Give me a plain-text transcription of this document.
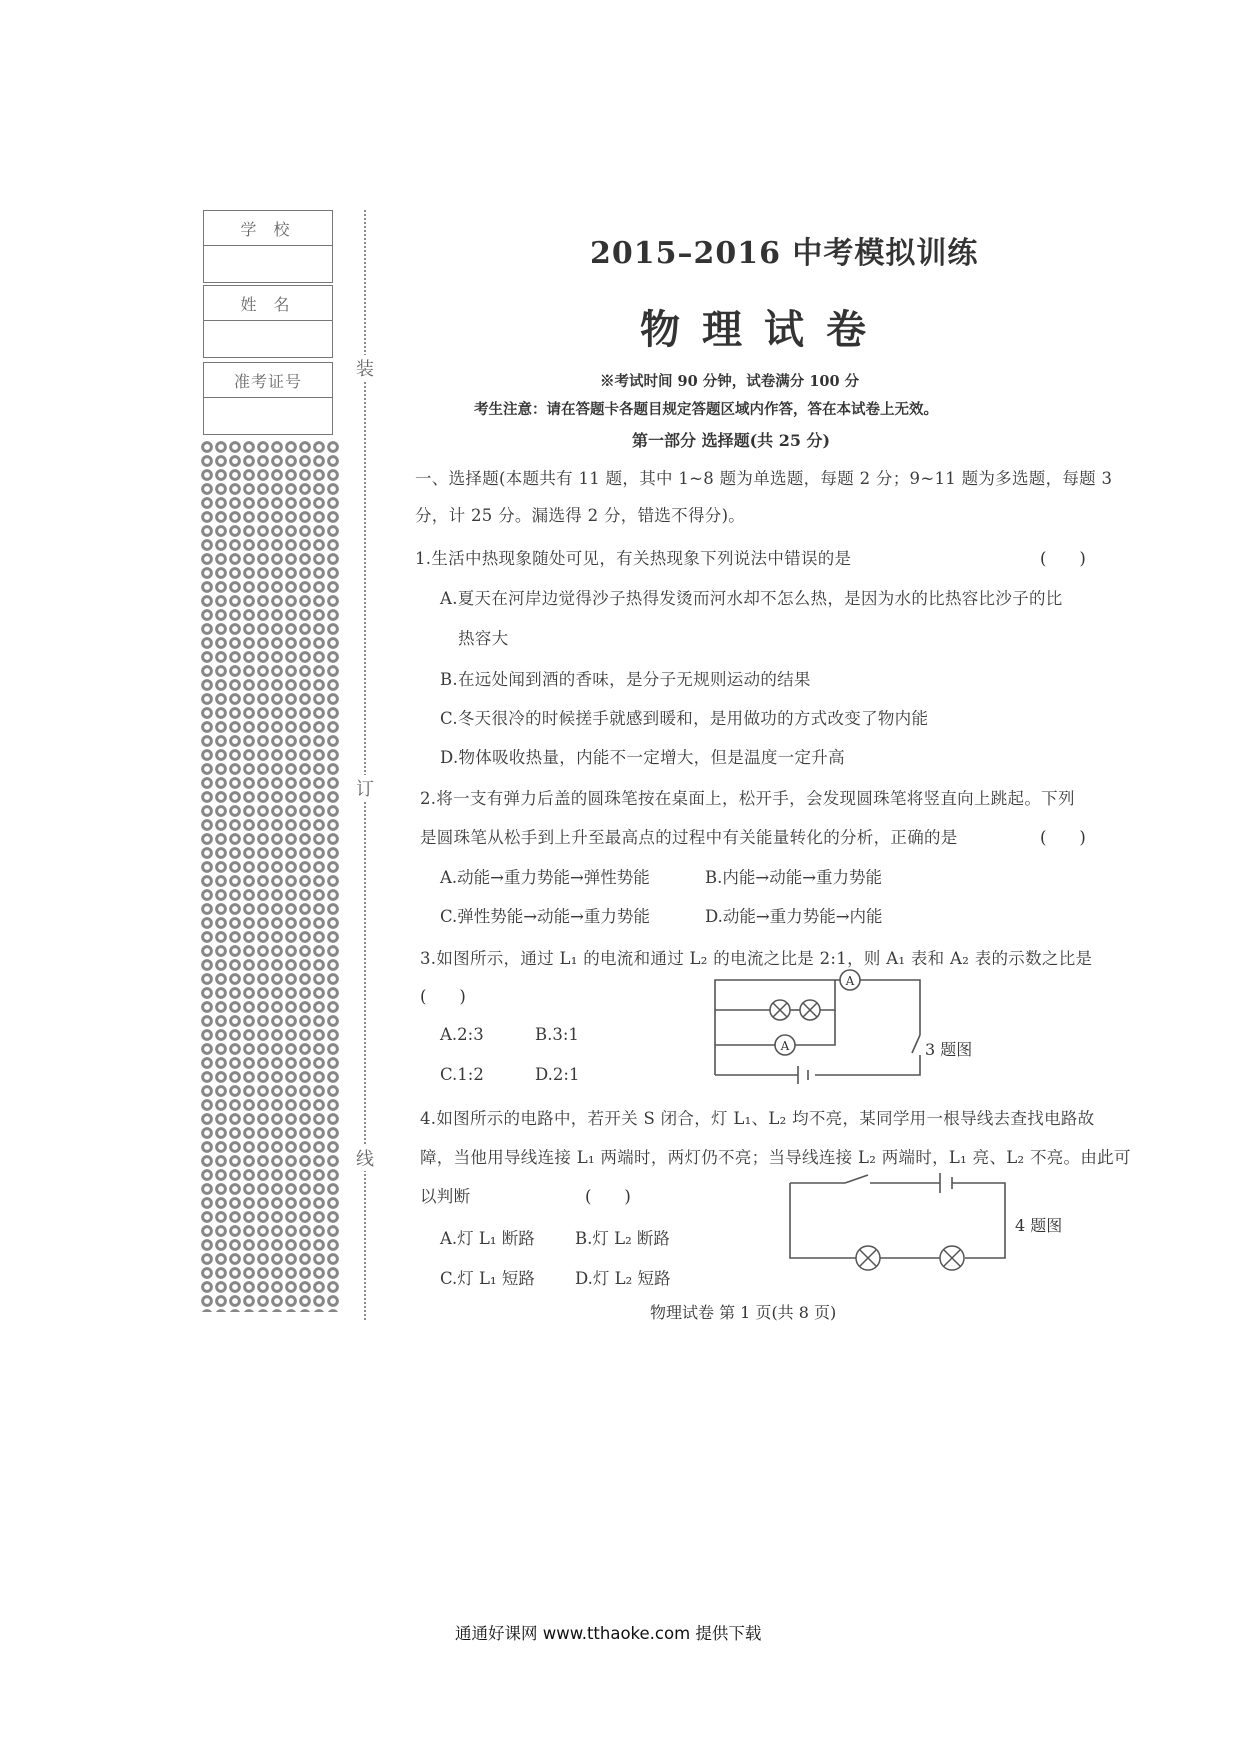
学 校
姓 名
准考证号
装
订
线
2015–2016 中考模拟训练
物理试卷
※考试时间 90 分钟，试卷满分 100 分
考生注意：请在答题卡各题目规定答题区域内作答，答在本试卷上无效。
第一部分 选择题(共 25 分)
一、选择题(本题共有 11 题，其中 1~8 题为单选题，每题 2 分；9~11 题为多选题，每题 3
分，计 25 分。漏选得 2 分，错选不得分)。
1.生活中热现象随处可见，有关热现象下列说法中错误的是	(　　)
A.夏天在河岸边觉得沙子热得发烫而河水却不怎么热，是因为水的比热容比沙子的比
热容大
B.在远处闻到酒的香味，是分子无规则运动的结果
C.冬天很冷的时候搓手就感到暖和，是用做功的方式改变了物内能
D.物体吸收热量，内能不一定增大，但是温度一定升高
2.将一支有弹力后盖的圆珠笔按在桌面上，松开手，会发现圆珠笔将竖直向上跳起。下列
是圆珠笔从松手到上升至最高点的过程中有关能量转化的分析，正确的是	(　　)
A.动能→重力势能→弹性势能	B.内能→动能→重力势能
C.弹性势能→动能→重力势能	D.动能→重力势能→内能
3.如图所示，通过 L₁ 的电流和通过 L₂ 的电流之比是 2:1，则 A₁ 表和 A₂ 表的示数之比是
(　　)
A.2:3	B.3:1
C.1:2	D.2:1
A
A	3 题图
4.如图所示的电路中，若开关 S 闭合，灯 L₁、L₂ 均不亮，某同学用一根导线去查找电路故
障，当他用导线连接 L₁ 两端时，两灯仍不亮；当导线连接 L₂ 两端时，L₁ 亮、L₂ 不亮。由此可
以判断	(　　)
A.灯 L₁ 断路 B.灯 L₂ 断路
C.灯 L₁ 短路 D.灯 L₂ 短路
4 题图
物理试卷 第 1 页(共 8 页)
通通好课网 www.tthaoke.com 提供下载
